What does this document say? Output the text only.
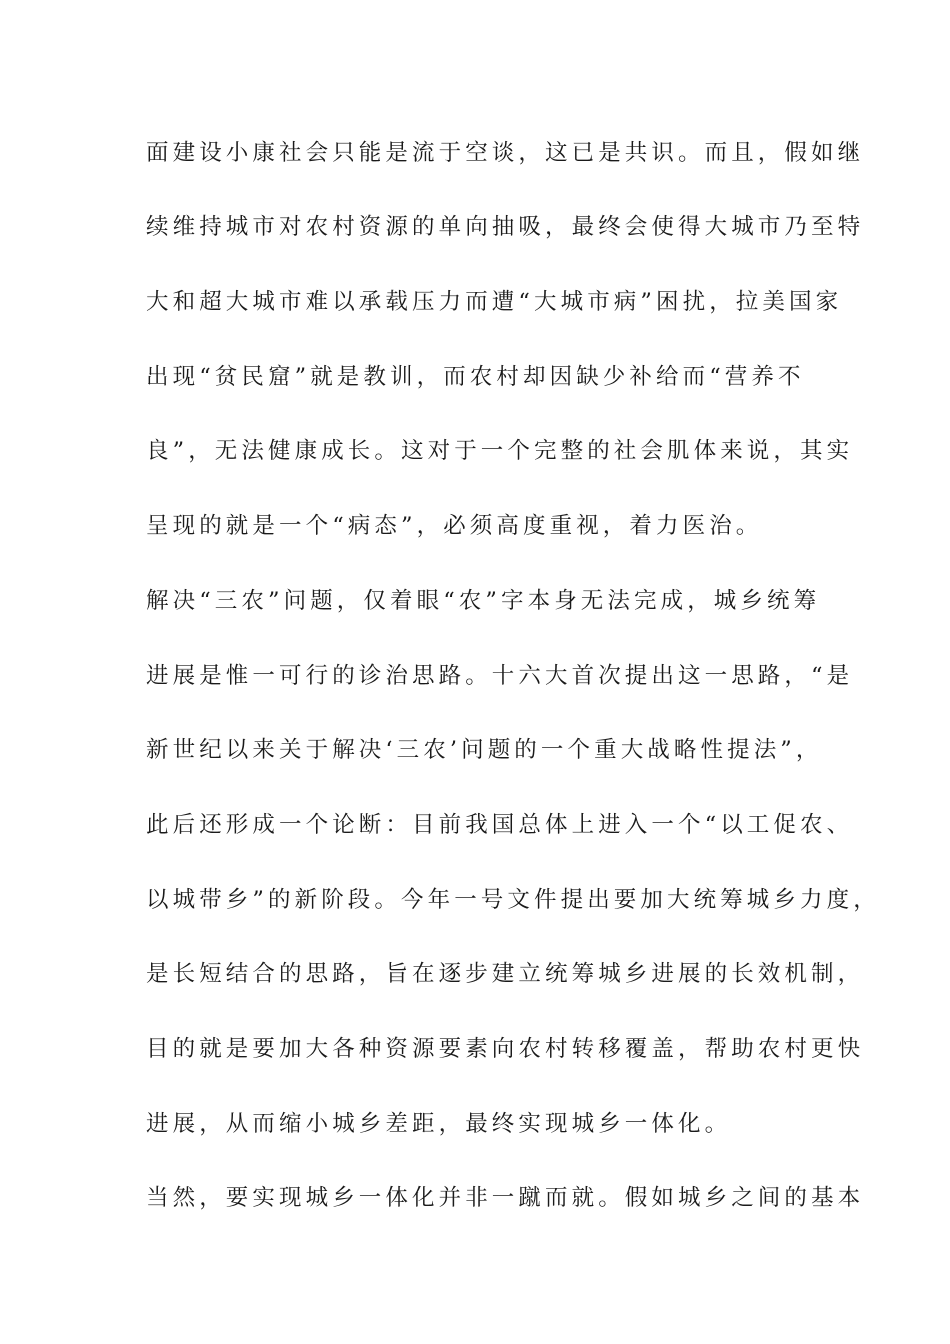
面建设小康社会只能是流于空谈，这已是共识。而且，假如继
续维持城市对农村资源的单向抽吸，最终会使得大城市乃至特
大和超大城市难以承载压力而遭“大城市病”困扰，拉美国家
出现“贫民窟”就是教训，而农村却因缺少补给而“营养不
良”，无法健康成长。这对于一个完整的社会肌体来说，其实
呈现的就是一个“病态”，必须高度重视，着力医治。
解决“三农”问题，仅着眼“农”字本身无法完成，城乡统筹
进展是惟一可行的诊治思路。十六大首次提出这一思路，“是
新世纪以来关于解决‘三农’问题的一个重大战略性提法”，
此后还形成一个论断：目前我国总体上进入一个“以工促农、
以城带乡”的新阶段。今年一号文件提出要加大统筹城乡力度，
是长短结合的思路，旨在逐步建立统筹城乡进展的长效机制，
目的就是要加大各种资源要素向农村转移覆盖，帮助农村更快
进展，从而缩小城乡差距，最终实现城乡一体化。
当然，要实现城乡一体化并非一蹴而就。假如城乡之间的基本
